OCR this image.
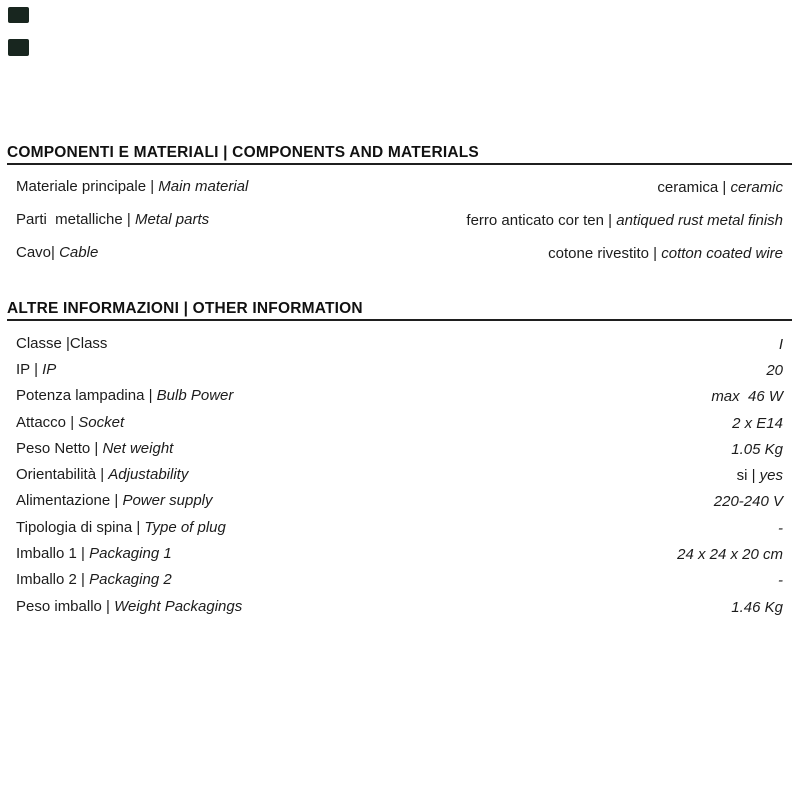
COMPONENTI E MATERIALI | COMPONENTS AND MATERIALS
Materiale principale | Main material	ceramica | ceramic
Parti  metalliche | Metal parts	ferro anticato cor ten | antiqued rust metal finish
Cavo| Cable	cotone rivestito | cotton coated wire
ALTRE INFORMAZIONI | OTHER INFORMATION
Classe |Class	I
IP | IP	20
Potenza lampadina | Bulb Power	max  46 W
Attacco | Socket	2 x E14
Peso Netto | Net weight	1.05 Kg
Orientabilità | Adjustability	si | yes
Alimentazione | Power supply	220-240 V
Tipologia di spina | Type of plug	-
Imballo 1 | Packaging 1	24 x 24 x 20 cm
Imballo 2 | Packaging 2	-
Peso imballo | Weight Packagings	1.46 Kg
